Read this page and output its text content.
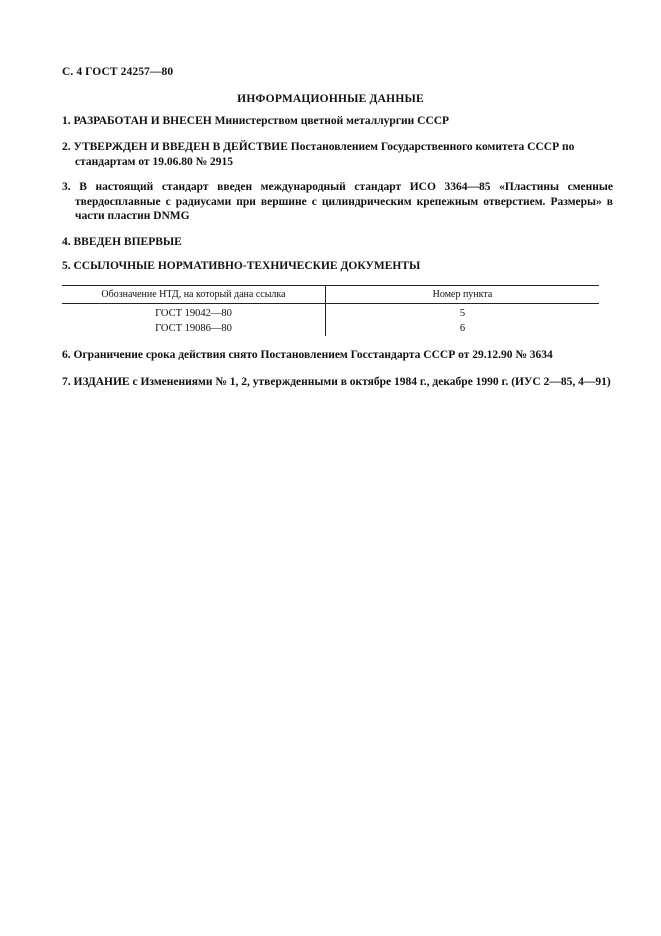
С. 4 ГОСТ 24257—80
ИНФОРМАЦИОННЫЕ ДАННЫЕ
1. РАЗРАБОТАН И ВНЕСЕН Министерством цветной металлургии СССР
2. УТВЕРЖДЕН И ВВЕДЕН В ДЕЙСТВИЕ Постановлением Государственного комитета СССР по стандартам от 19.06.80 № 2915
3. В настоящий стандарт введен международный стандарт ИСО 3364—85 «Пластины сменные твердосплавные с радиусами при вершине с цилиндрическим крепежным отверстием. Размеры» в части пластин DNMG
4. ВВЕДЕН ВПЕРВЫЕ
5. ССЫЛОЧНЫЕ НОРМАТИВНО-ТЕХНИЧЕСКИЕ ДОКУМЕНТЫ
Обозначение НТД, на который дана ссылка	Номер пункта
ГОСТ 19042—80	5
ГОСТ 19086—80	6
6. Ограничение срока действия снято Постановлением Госстандарта СССР от 29.12.90 № 3634
7. ИЗДАНИЕ с Изменениями № 1, 2, утвержденными в октябре 1984 г., декабре 1990 г. (ИУС 2—85, 4—91)
